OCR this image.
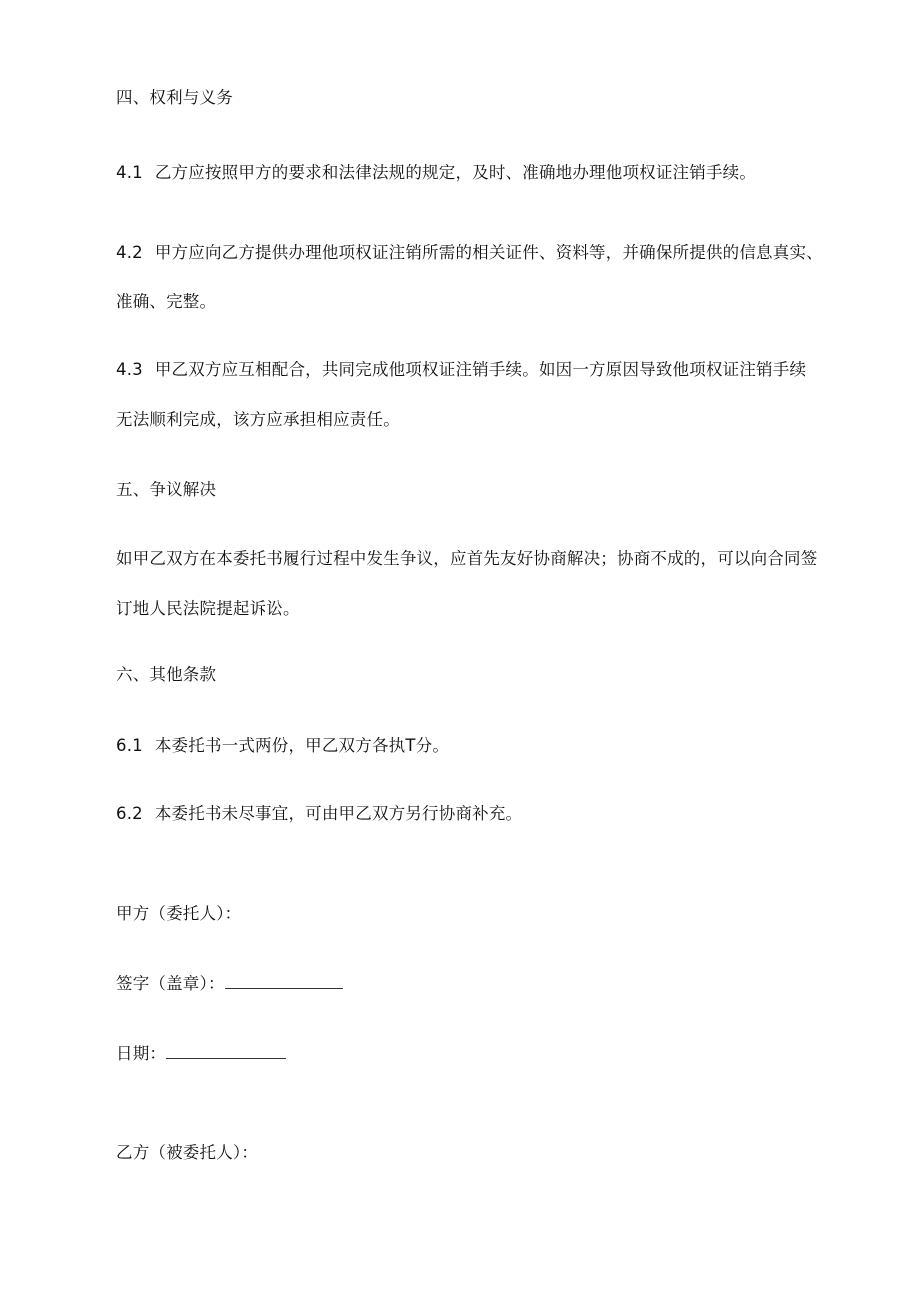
四、权利与义务
4.1 乙方应按照甲方的要求和法律法规的规定，及时、准确地办理他项权证注销手续。
4.2 甲方应向乙方提供办理他项权证注销所需的相关证件、资料等，并确保所提供的信息真实、
准确、完整。
4.3 甲乙双方应互相配合，共同完成他项权证注销手续。如因一方原因导致他项权证注销手续
无法顺利完成，该方应承担相应责任。
五、争议解决
如甲乙双方在本委托书履行过程中发生争议，应首先友好协商解决；协商不成的，可以向合同签
订地人民法院提起诉讼。
六、其他条款
6.1 本委托书一式两份，甲乙双方各执T分。
6.2 本委托书未尽事宜，可由甲乙双方另行协商补充。
甲方（委托人）：
签字（盖章）：
日期：
乙方（被委托人）：
